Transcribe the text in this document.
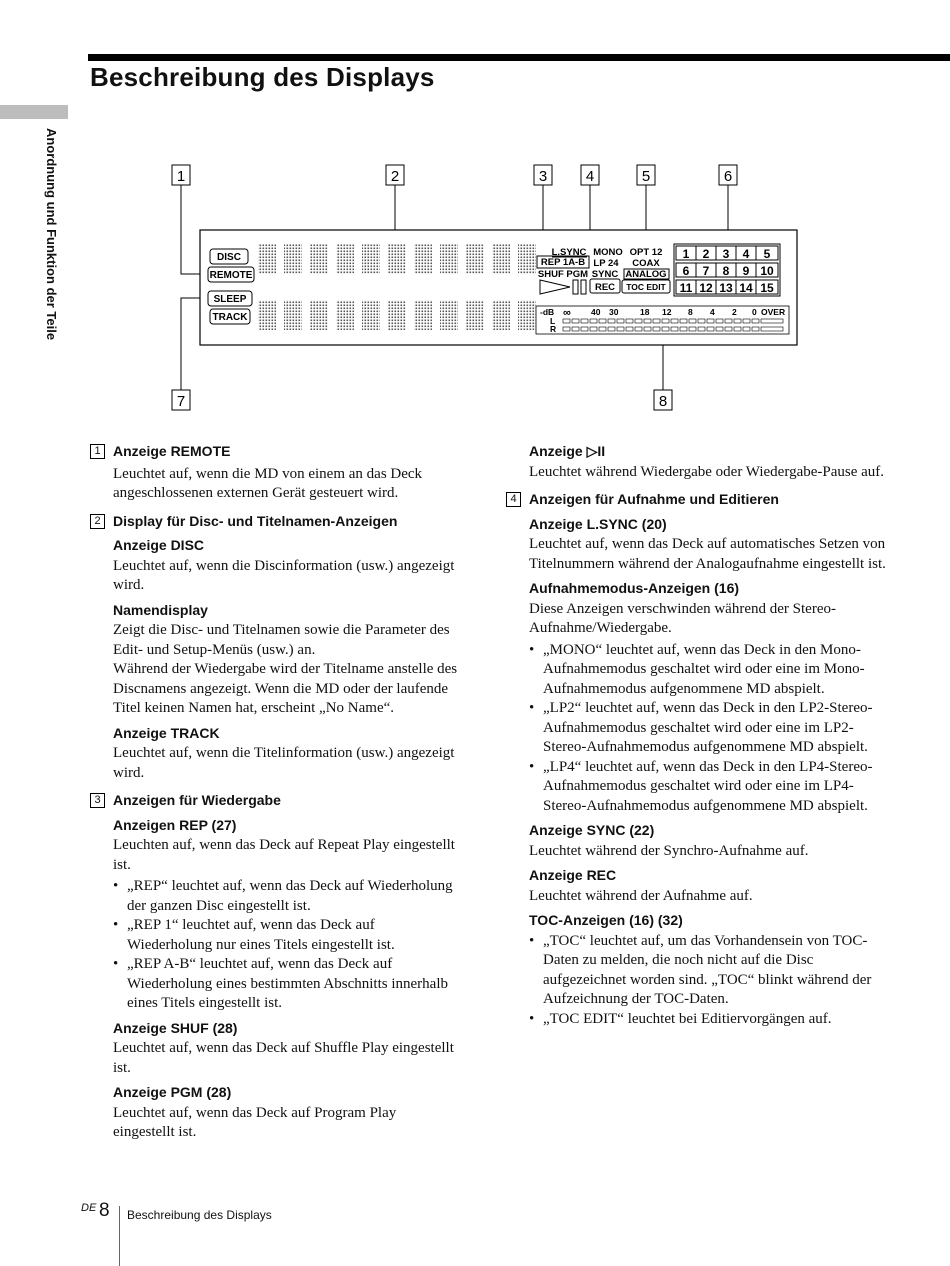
Beschreibung des Displays
Anordnung und Funktion der Teile	1	2	3	4	5	6
7	8
DISC
REMOTE
SLEEP
TRACK
REP 1A-B
SHUF PGM
L.SYNC MONO
LP 24
SYNC
REC
OPT 12
COAX
ANALOG
TOC EDIT
1 2 3 4 5
6 7 8 9 10
11 12 13 14 15
-dB ∞ 40 30	18 12 8 4 2 0 OVER
L
R
1 Anzeige REMOTE
Leuchtet auf, wenn die MD von einem an das Deck angeschlossenen externen Gerät gesteuert wird.
2 Display für Disc- und Titelnamen-Anzeigen
Anzeige DISC
Leuchtet auf, wenn die Discinformation (usw.) angezeigt wird.
Namendisplay
Zeigt die Disc- und Titelnamen sowie die Parameter des Edit- und Setup-Menüs (usw.) an.
Während der Wiedergabe wird der Titelname anstelle des Discnamens angezeigt. Wenn die MD oder der laufende Titel keinen Namen hat, erscheint „No Name“.
Anzeige TRACK
Leuchtet auf, wenn die Titelinformation (usw.) angezeigt wird.
3 Anzeigen für Wiedergabe
Anzeigen REP (27)
Leuchten auf, wenn das Deck auf Repeat Play eingestellt ist.
• „REP“ leuchtet auf, wenn das Deck auf Wiederholung der ganzen Disc eingestellt ist.
• „REP 1“ leuchtet auf, wenn das Deck auf Wiederholung nur eines Titels eingestellt ist.
• „REP A-B“ leuchtet auf, wenn das Deck auf Wiederholung eines bestimmten Abschnitts innerhalb eines Titels eingestellt ist.
Anzeige SHUF (28)
Leuchtet auf, wenn das Deck auf Shuffle Play eingestellt ist.
Anzeige PGM (28)
Leuchtet auf, wenn das Deck auf Program Play eingestellt ist.
Anzeige ▷II
Leuchtet während Wiedergabe oder Wiedergabe-Pause auf.
4 Anzeigen für Aufnahme und Editieren
Anzeige L.SYNC (20)
Leuchtet auf, wenn das Deck auf automatisches Setzen von Titelnummern während der Analogaufnahme eingestellt ist.
Aufnahmemodus-Anzeigen (16)
Diese Anzeigen verschwinden während der Stereo-Aufnahme/Wiedergabe.
• „MONO“ leuchtet auf, wenn das Deck in den Mono-Aufnahmemodus geschaltet wird oder eine im Mono-Aufnahmemodus aufgenommene MD abspielt.
• „LP2“ leuchtet auf, wenn das Deck in den LP2-Stereo-Aufnahmemodus geschaltet wird oder eine im LP2-Stereo-Aufnahmemodus aufgenommene MD abspielt.
• „LP4“ leuchtet auf, wenn das Deck in den LP4-Stereo-Aufnahmemodus geschaltet wird oder eine im LP4-Stereo-Aufnahmemodus aufgenommene MD abspielt.
Anzeige SYNC (22)
Leuchtet während der Synchro-Aufnahme auf.
Anzeige REC
Leuchtet während der Aufnahme auf.
TOC-Anzeigen (16) (32)
• „TOC“ leuchtet auf, um das Vorhandensein von TOC-Daten zu melden, die noch nicht auf die Disc aufgezeichnet worden sind. „TOC“ blinkt während der Aufzeichnung der TOC-Daten.
• „TOC EDIT“ leuchtet bei Editiervorgängen auf.
DE 8 Beschreibung des Displays
